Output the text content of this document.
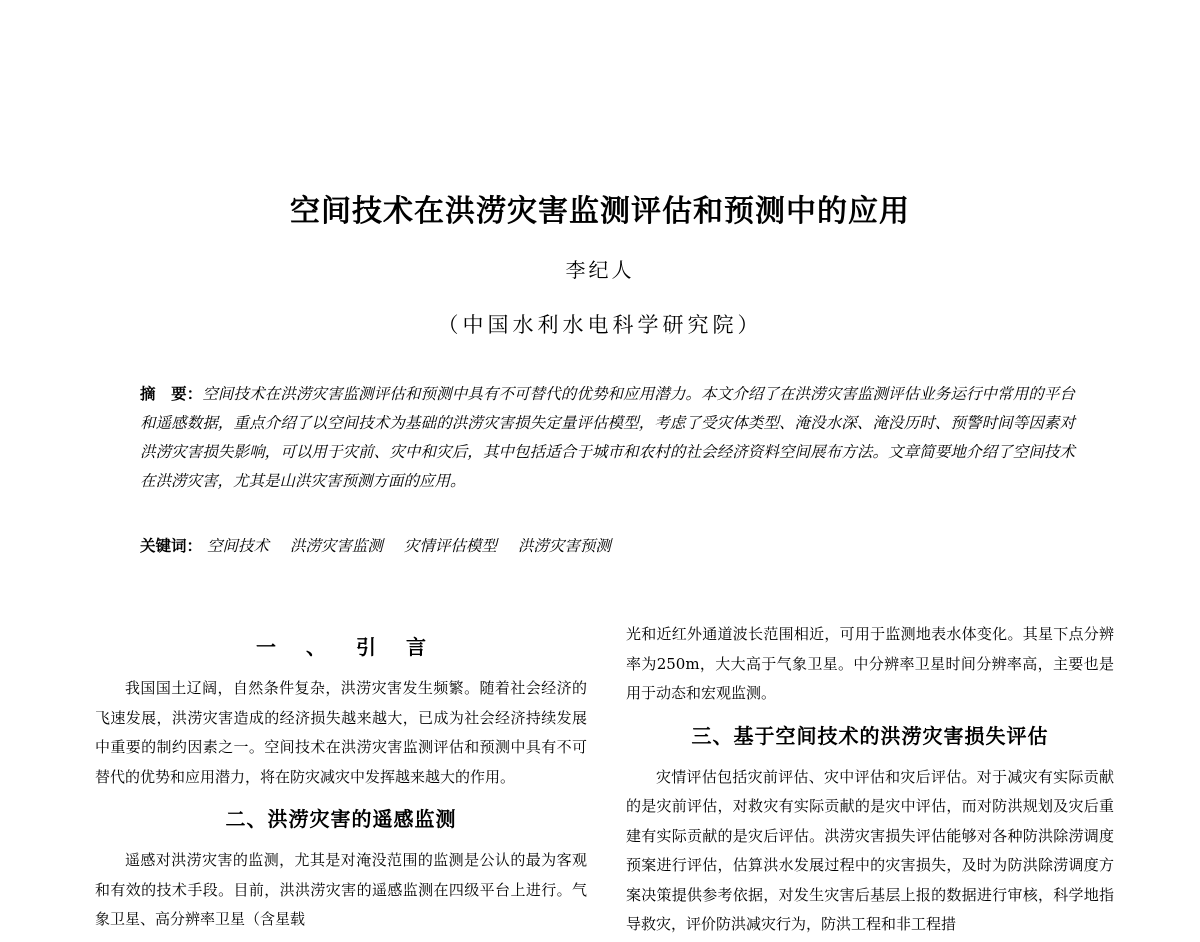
空间技术在洪涝灾害监测评估和预测中的应用
李纪人
（中国水利水电科学研究院）
摘　要：空间技术在洪涝灾害监测评估和预测中具有不可替代的优势和应用潜力。本文介绍了在洪涝灾害监测评估业务运行中常用的平台和遥感数据，重点介绍了以空间技术为基础的洪涝灾害损失定量评估模型，考虑了受灾体类型、淹没水深、淹没历时、预警时间等因素对洪涝灾害损失影响，可以用于灾前、灾中和灾后，其中包括适合于城市和农村的社会经济资料空间展布方法。文章简要地介绍了空间技术在洪涝灾害，尤其是山洪灾害预测方面的应用。
关键词： 空间技术 洪涝灾害监测 灾情评估模型 洪涝灾害预测
一、引言

我国国土辽阔，自然条件复杂，洪涝灾害发生频繁。随着社会经济的飞速发展，洪涝灾害造成的经济损失越来越大，已成为社会经济持续发展中重要的制约因素之一。空间技术在洪涝灾害监测评估和预测中具有不可替代的优势和应用潜力，将在防灾减灾中发挥越来越大的作用。

二、洪涝灾害的遥感监测

遥感对洪涝灾害的监测，尤其是对淹没范围的监测是公认的最为客观和有效的技术手段。目前，洪洪涝灾害的遥感监测在四级平台上进行。气象卫星、高分辨率卫星（含星载

光和近红外通道波长范围相近，可用于监测地表水体变化。其星下点分辨率为250m，大大高于气象卫星。中分辨率卫星时间分辨率高，主要也是用于动态和宏观监测。

三、基于空间技术的洪涝灾害损失评估

灾情评估包括灾前评估、灾中评估和灾后评估。对于减灾有实际贡献的是灾前评估，对救灾有实际贡献的是灾中评估，而对防洪规划及灾后重建有实际贡献的是灾后评估。洪涝灾害损失评估能够对各种防洪除涝调度预案进行评估，估算洪水发展过程中的灾害损失，及时为防洪除涝调度方案决策提供参考依据，对发生灾害后基层上报的数据进行审核，科学地指导救灾，评价防洪减灾行为，防洪工程和非工程措
